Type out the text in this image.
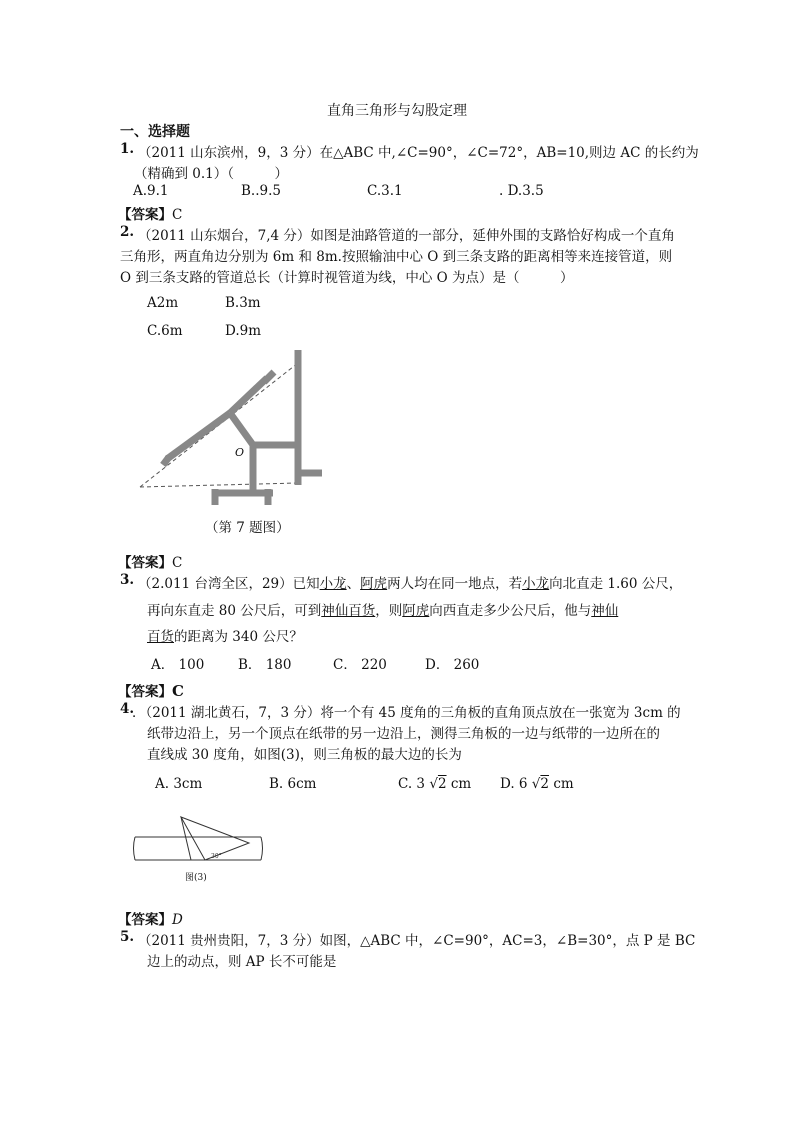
直角三角形与勾股定理
一、选择题
1. （2011 山东滨州，9，3 分）在△ABC 中,∠C=90°，∠C=72°，AB=10,则边 AC 的长约为
（精确到 0.1）（　　　）
A.9.1	B..9.5	C.3.1	. D.3.5
【答案】C
2. （2011 山东烟台，7,4 分）如图是油路管道的一部分，延伸外围的支路恰好构成一个直角
三角形，两直角边分别为 6m 和 8m.按照输油中心 O 到三条支路的距离相等来连接管道，则
O 到三条支路的管道总长（计算时视管道为线，中心 O 为点）是（　　　）
A2m	B.3m
C.6m	D.9m
O
（第 7 题图）
【答案】C
3. （2.011 台湾全区，29）已知小龙、阿虎两人均在同一地点，若小龙向北直走 1.60 公尺，
再向东直走 80 公尺后，可到神仙百货，则阿虎向西直走多少公尺后，他与神仙
百货的距离为 340 公尺？
A． 100 B． 180	C． 220	D． 260
【答案】C
4.
．（2011 湖北黄石，7，3 分）将一个有 45 度角的三角板的直角顶点放在一张宽为 3cm 的
纸带边沿上，另一个顶点在纸带的另一边沿上，测得三角板的一边与纸带的一边所在的
直线成 30 度角，如图(3)，则三角板的最大边的长为
A. 3cm	B. 6cm	C. 3 √2 cm D. 6 √2 cm
30°
图(3)
【答案】D
5. （2011 贵州贵阳，7，3 分）如图，△ABC 中，∠C=90°，AC=3，∠B=30°，点 P 是 BC
边上的动点，则 AP 长不可能是
